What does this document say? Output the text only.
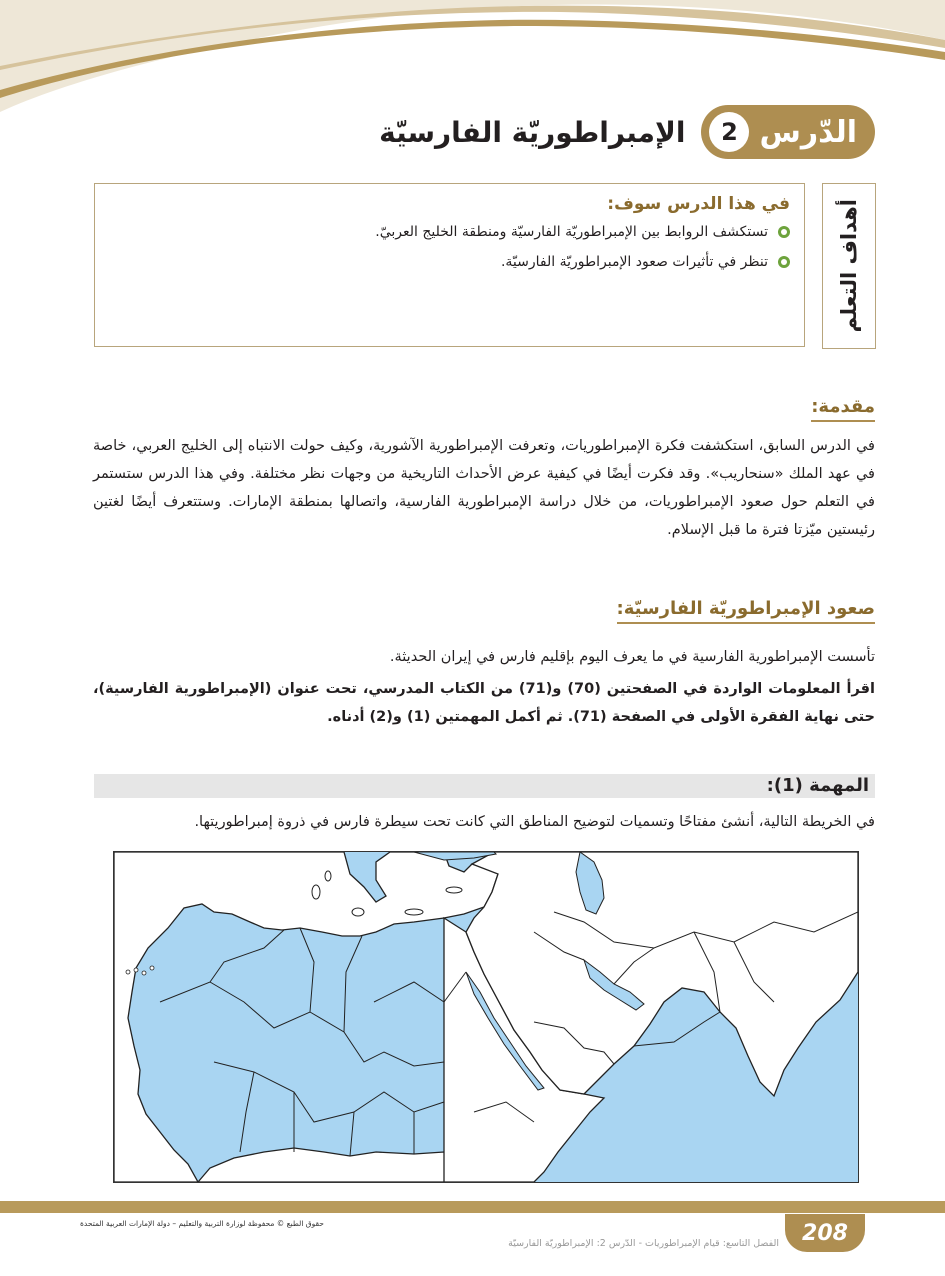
الدّرس
2
الإمبراطوريّة الفارسيّة
أهداف التعلم
في هذا الدرس سوف:
تستكشف الروابط بين الإمبراطوريّة الفارسيّة ومنطقة الخليج العربيّ.
تنظر في تأثيرات صعود الإمبراطوريّة الفارسيّة.
مقدمة:
في الدرس السابق، استكشفت فكرة الإمبراطوريات، وتعرفت الإمبراطورية الآشورية، وكيف حولت الانتباه إلى الخليج العربي، خاصة في عهد الملك «سنحاريب». وقد فكرت أيضًا في كيفية عرض الأحداث التاريخية من وجهات نظر مختلفة. وفي هذا الدرس ستستمر في التعلم حول صعود الإمبراطوريات، من خلال دراسة الإمبراطورية الفارسية، واتصالها بمنطقة الإمارات. وستتعرف أيضًا لغتين رئيستين ميّزتا فترة ما قبل الإسلام.
صعود الإمبراطوريّة الفارسيّة:
تأسست الإمبراطورية الفارسية في ما يعرف اليوم بإقليم فارس في إيران الحديثة.
اقرأ المعلومات الواردة في الصفحتين (70) و(71) من الكتاب المدرسي، تحت عنوان (الإمبراطورية الفارسية)، حتى نهاية الفقرة الأولى في الصفحة (71). ثم أكمل المهمتين (1) و(2) أدناه.
المهمة (1):
في الخريطة التالية، أنشئ مفتاحًا وتسميات لتوضيح المناطق التي كانت تحت سيطرة فارس في ذروة إمبراطوريتها.
208
حقوق الطبع © محفوظة لوزارة التربية والتعليم – دولة الإمارات العربية المتحدة
الفصل التاسع: قيام الإمبراطوريات - الدّرس 2: الإمبراطوريّة الفارسيّة
